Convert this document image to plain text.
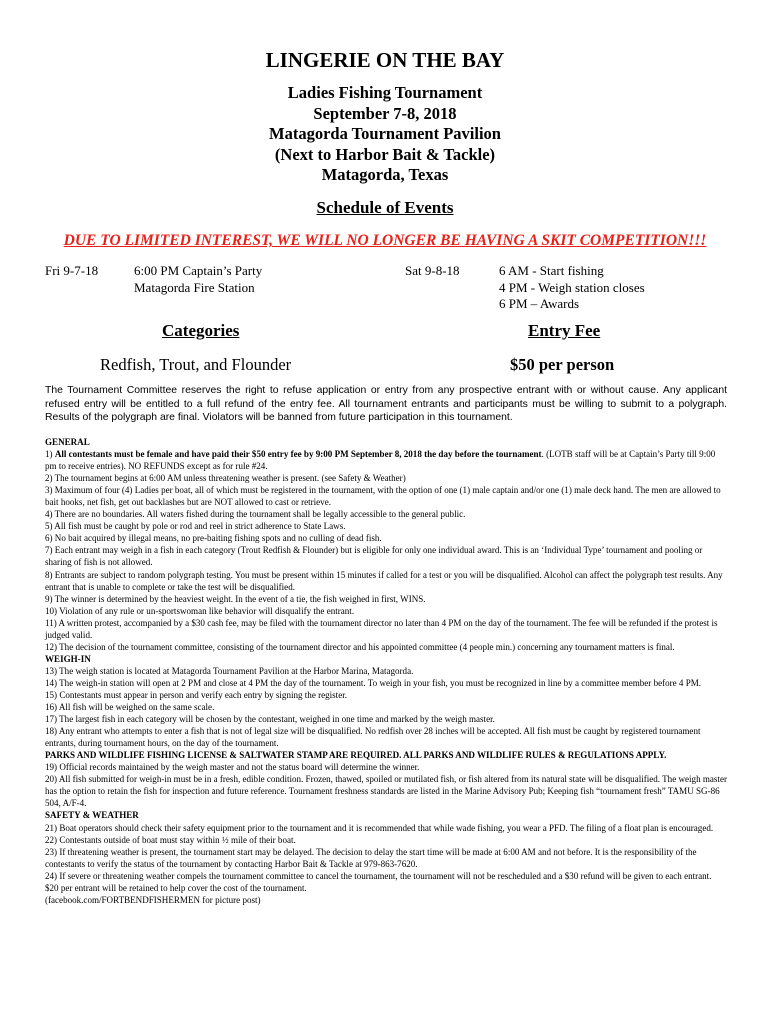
LINGERIE ON THE BAY
Ladies Fishing Tournament
September 7-8, 2018
Matagorda Tournament Pavilion
(Next to Harbor Bait & Tackle)
Matagorda, Texas
Schedule of Events
DUE TO LIMITED INTEREST, WE WILL NO LONGER BE HAVING A SKIT COMPETITION!!!
Fri 9-7-18	6:00 PM Captain’s Party
Matagorda Fire Station
Sat 9-8-18	6 AM - Start fishing
4 PM - Weigh station closes
6 PM – Awards
Categories	Entry Fee
Redfish, Trout, and Flounder	$50 per person
The Tournament Committee reserves the right to refuse application or entry from any prospective entrant with or without cause. Any applicant refused entry will be entitled to a full refund of the entry fee. All tournament entrants and participants must be willing to submit to a polygraph. Results of the polygraph are final. Violators will be banned from future participation in this tournament.

GENERAL

1) All contestants must be female and have paid their $50 entry fee by 9:00 PM September 8, 2018 the day before the tournament. (LOTB staff will be at Captain’s Party till 9:00 pm to receive entries). NO REFUNDS except as for rule #24.

2) The tournament begins at 6:00 AM unless threatening weather is present. (see Safety & Weather)

3) Maximum of four (4) Ladies per boat, all of which must be registered in the tournament, with the option of one (1) male captain and/or one (1) male deck hand. The men are allowed to bait hooks, net fish, get out backlashes but are NOT allowed to cast or retrieve.

4) There are no boundaries. All waters fished during the tournament shall be legally accessible to the general public.

5) All fish must be caught by pole or rod and reel in strict adherence to State Laws.

6) No bait acquired by illegal means, no pre-baiting fishing spots and no culling of dead fish.

7) Each entrant may weigh in a fish in each category (Trout Redfish & Flounder) but is eligible for only one individual award. This is an ‘Individual Type’ tournament and pooling or sharing of fish is not allowed.

8) Entrants are subject to random polygraph testing. You must be present within 15 minutes if called for a test or you will be disqualified. Alcohol can affect the polygraph test results. Any entrant that is unable to complete or take the test will be disqualified.

9) The winner is determined by the heaviest weight. In the event of a tie, the fish weighed in first, WINS.

10) Violation of any rule or un-sportswoman like behavior will disqualify the entrant.

11) A written protest, accompanied by a $30 cash fee, may be filed with the tournament director no later than 4 PM on the day of the tournament. The fee will be refunded if the protest is judged valid.

12) The decision of the tournament committee, consisting of the tournament director and his appointed committee (4 people min.) concerning any tournament matters is final.

WEIGH-IN

13) The weigh station is located at Matagorda Tournament Pavilion at the Harbor Marina, Matagorda.

14) The weigh-in station will open at 2 PM and close at 4 PM the day of the tournament. To weigh in your fish, you must be recognized in line by a committee member before 4 PM.

15) Contestants must appear in person and verify each entry by signing the register.

16) All fish will be weighed on the same scale.

17) The largest fish in each category will be chosen by the contestant, weighed in one time and marked by the weigh master.

18) Any entrant who attempts to enter a fish that is not of legal size will be disqualified. No redfish over 28 inches will be accepted. All fish must be caught by registered tournament entrants, during tournament hours, on the day of the tournament.

PARKS AND WILDLIFE FISHING LICENSE & SALTWATER STAMP ARE REQUIRED. ALL PARKS AND WILDLIFE RULES & REGULATIONS APPLY.

19) Official records maintained by the weigh master and not the status board will determine the winner.

20) All fish submitted for weigh-in must be in a fresh, edible condition. Frozen, thawed, spoiled or mutilated fish, or fish altered from its natural state will be disqualified. The weigh master has the option to retain the fish for inspection and future reference. Tournament freshness standards are listed in the Marine Advisory Pub; Keeping fish “tournament fresh” TAMU SG-86 504, A/F-4.

SAFETY & WEATHER

21) Boat operators should check their safety equipment prior to the tournament and it is recommended that while wade fishing, you wear a PFD. The filing of a float plan is encouraged.

22) Contestants outside of boat must stay within ½ mile of their boat.

23) If threatening weather is present, the tournament start may be delayed. The decision to delay the start time will be made at 6:00 AM and not before. It is the responsibility of the contestants to verify the status of the tournament by contacting Harbor Bait & Tackle at 979-863-7620.

24) If severe or threatening weather compels the tournament committee to cancel the tournament, the tournament will not be rescheduled and a $30 refund will be given to each entrant. $20 per entrant will be retained to help cover the cost of the tournament.

(facebook.com/FORTBENDFISHERMEN for picture post)
